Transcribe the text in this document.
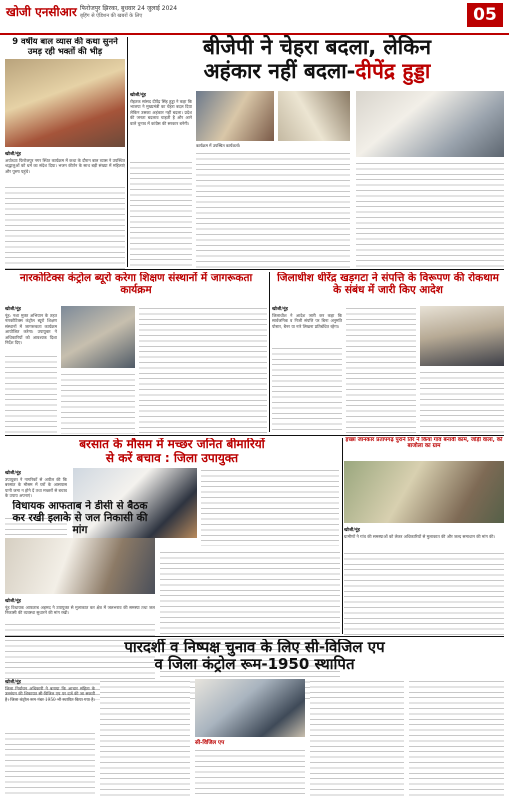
खोजी एनसीआर फिरोजपुर झिरका, बुधवार 24 जुलाई 2024
बृहिंग से ऐडिशन की खबरों के लिए	05
9 वर्षीय बाल व्यास की कथा सुनने उमड़ रही भक्तों की भीड़
खोजी/नूंह
अयोध्याः फिरोजपुर नगर स्थित कार्यक्रम में कथा के दौरान बाल व्यास ने उपस्थित श्रद्धालुओं को धर्म का संदेश दिया। भजन कीर्तन के साथ बड़ी संख्या में महिलाएं और पुरुष पहुंचे।
बीजेपी ने चेहरा बदला, लेकिन
अहंकार नहीं बदला-दीपेंद्र हुड्डा
खोजी/नूंह
रोहतक सांसद दीपेंद्र सिंह हुड्डा ने कहा कि भाजपा ने मुख्यमंत्री का चेहरा बदल दिया लेकिन उसका अहंकार नहीं बदला। प्रदेश की जनता बदलाव चाहती है और आने वाले चुनाव में कांग्रेस की सरकार बनेगी।
कार्यक्रम में उपस्थित कार्यकर्ता।
नारकोटिक्स कंट्रोल ब्यूरो करेगा शिक्षण संस्थानों में जागरूकता कार्यक्रम
खोजी/नूंह
नूंह: नशा मुक्त अभियान के तहत नारकोटिक्स कंट्रोल ब्यूरो शिक्षण संस्थानों में जागरूकता कार्यक्रम आयोजित करेगा। उपायुक्त ने अधिकारियों को आवश्यक दिशा निर्देश दिए।
जिलाधीश धीरेंद्र खड़गटा ने संपत्ति के विरूपण की रोकथाम के संबंध में जारी किए आदेश
खोजी/नूंह
जिलाधीश ने आदेश जारी कर कहा कि सार्वजनिक व निजी संपत्ति पर बिना अनुमति पोस्टर, बैनर या नारे लिखना प्रतिबंधित रहेगा।
इच्छा जानकार प्रतापगढ़ पुराने तिर ने किया गांव बनावी काम, जोड़ी वाला, को बाजोला का ग्राम
खोजी/नूंह
ग्रामीणों ने गांव की समस्याओं को लेकर अधिकारियों से मुलाकात की और जल्द समाधान की मांग की।
बरसात के मौसम में मच्छर जनित बीमारियों
से करें बचाव : जिला उपायुक्त
खोजी/नूंह
उपायुक्त ने नागरिकों से अपील की कि बरसात के मौसम में घरों के आसपास पानी जमा न होने दें तथा मच्छरों से बचाव के उपाय अपनाएं।
विधायक आफताब ने डीसी से बैठक कर रखी इलाके से जल निकासी की मांग
खोजी/नूंह
नूंह विधायक आफताब अहमद ने उपायुक्त से मुलाकात कर क्षेत्र में जलभराव की समस्या तथा जल निकासी की व्यवस्था सुधारने की मांग रखी।
पारदर्शी व निष्पक्ष चुनाव के लिए सी-विजिल एप
व जिला कंट्रोल रूम-1950 स्थापित
खोजी/नूंह
जिला निर्वाचन अधिकारी ने बताया कि आचार संहिता के उल्लंघन की शिकायत सी-विजिल एप पर दर्ज की जा सकती है। जिला कंट्रोल रूम नंबर 1950 भी स्थापित किया गया है।
सी-विजिल एप
